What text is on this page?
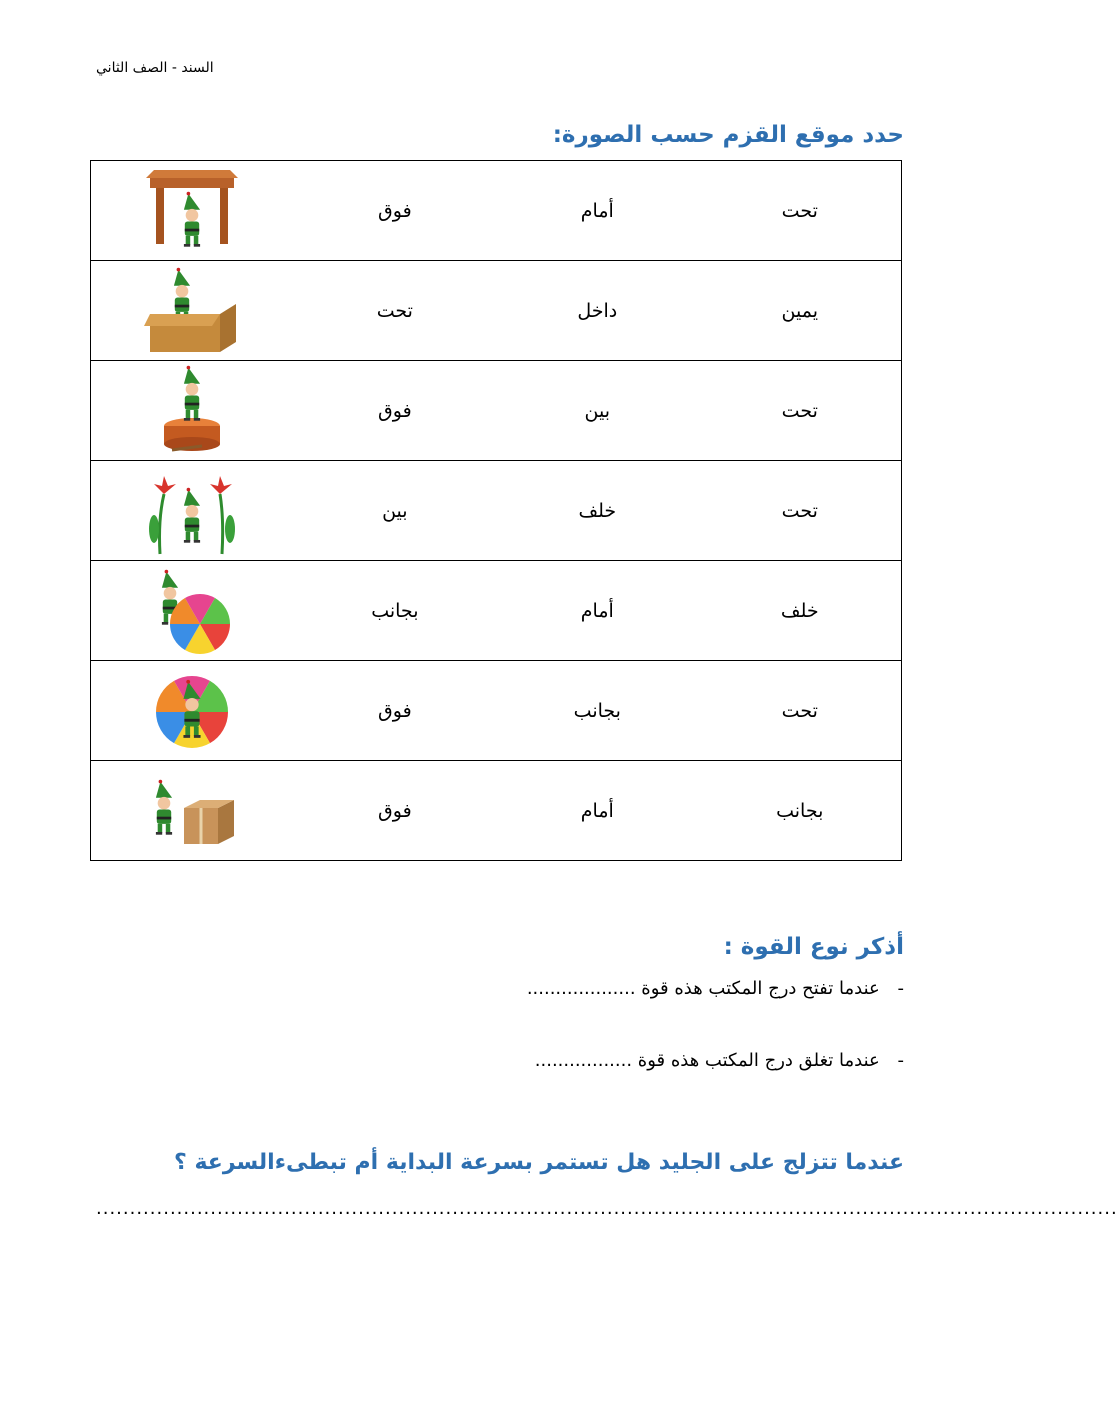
السند - الصف الثاني
حدد موقع القزم حسب الصورة:
	فوق	أمام	تحت

	تحت	داخل	يمين

	فوق	بين	تحت

	بين	خلف	تحت

	بجانب	أمام	خلف

	فوق	بجانب	تحت

	فوق	أمام	بجانب
أذكر نوع القوة :
- عندما تفتح درج المكتب هذه قوة ...................
- عندما تغلق درج المكتب هذه قوة .................
عندما تتزلج على الجليد هل تستمر بسرعة البداية أم تبطىءالسرعة ؟
........................................................................................................................................................
